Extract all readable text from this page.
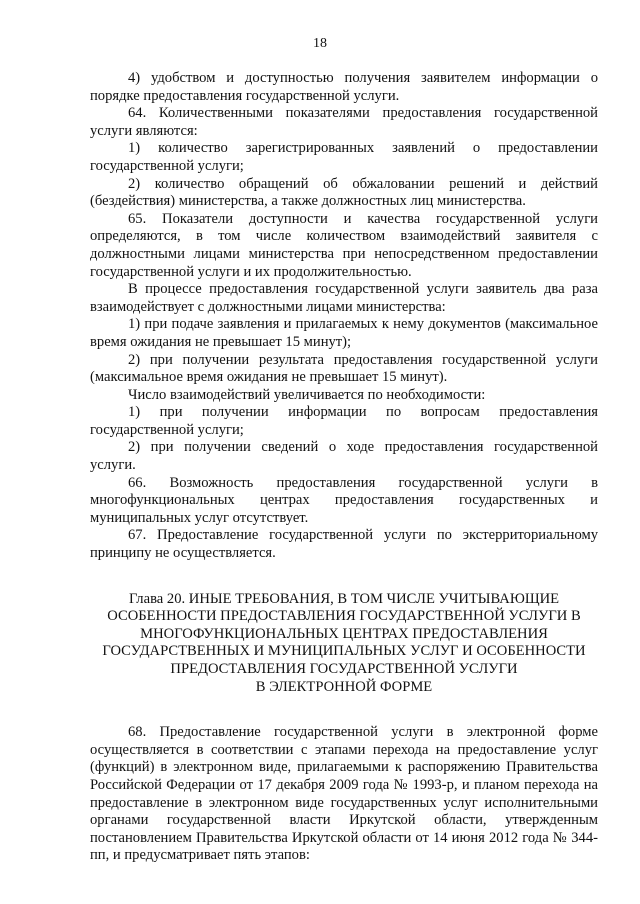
18

4) удобством и доступностью получения заявителем информации о порядке предоставления государственной услуги.

64. Количественными показателями предоставления государственной услуги являются:

1) количество зарегистрированных заявлений о предоставлении государственной услуги;

2) количество обращений об обжаловании решений и действий (бездействия) министерства, а также должностных лиц министерства.

65. Показатели доступности и качества государственной услуги определяются, в том числе количеством взаимодействий заявителя с должностными лицами министерства при непосредственном предоставлении государственной услуги и их продолжительностью.

В процессе предоставления государственной услуги заявитель два раза взаимодействует с должностными лицами министерства:

1) при подаче заявления и прилагаемых к нему документов (максимальное время ожидания не превышает 15 минут);

2) при получении результата предоставления государственной услуги (максимальное время ожидания не превышает 15 минут).

Число взаимодействий увеличивается по необходимости:

1) при получении информации по вопросам предоставления государственной услуги;

2) при получении сведений о ходе предоставления государственной услуги.

66. Возможность предоставления государственной услуги в многофункциональных центрах предоставления государственных и муниципальных услуг отсутствует.

67. Предоставление государственной услуги по экстерриториальному принципу не осуществляется.

Глава 20. ИНЫЕ ТРЕБОВАНИЯ, В ТОМ ЧИСЛЕ УЧИТЫВАЮЩИЕ
ОСОБЕННОСТИ ПРЕДОСТАВЛЕНИЯ ГОСУДАРСТВЕННОЙ УСЛУГИ В
МНОГОФУНКЦИОНАЛЬНЫХ ЦЕНТРАХ ПРЕДОСТАВЛЕНИЯ
ГОСУДАРСТВЕННЫХ И МУНИЦИПАЛЬНЫХ УСЛУГ И ОСОБЕННОСТИ
ПРЕДОСТАВЛЕНИЯ ГОСУДАРСТВЕННОЙ УСЛУГИ
В ЭЛЕКТРОННОЙ ФОРМЕ

68. Предоставление государственной услуги в электронной форме осуществляется в соответствии с этапами перехода на предоставление услуг (функций) в электронном виде, прилагаемыми к распоряжению Правительства Российской Федерации от 17 декабря 2009 года № 1993-р, и планом перехода на предоставление в электронном виде государственных услуг исполнительными органами государственной власти Иркутской области, утвержденным постановлением Правительства Иркутской области от 14 июня 2012 года № 344-пп, и предусматривает пять этапов:
